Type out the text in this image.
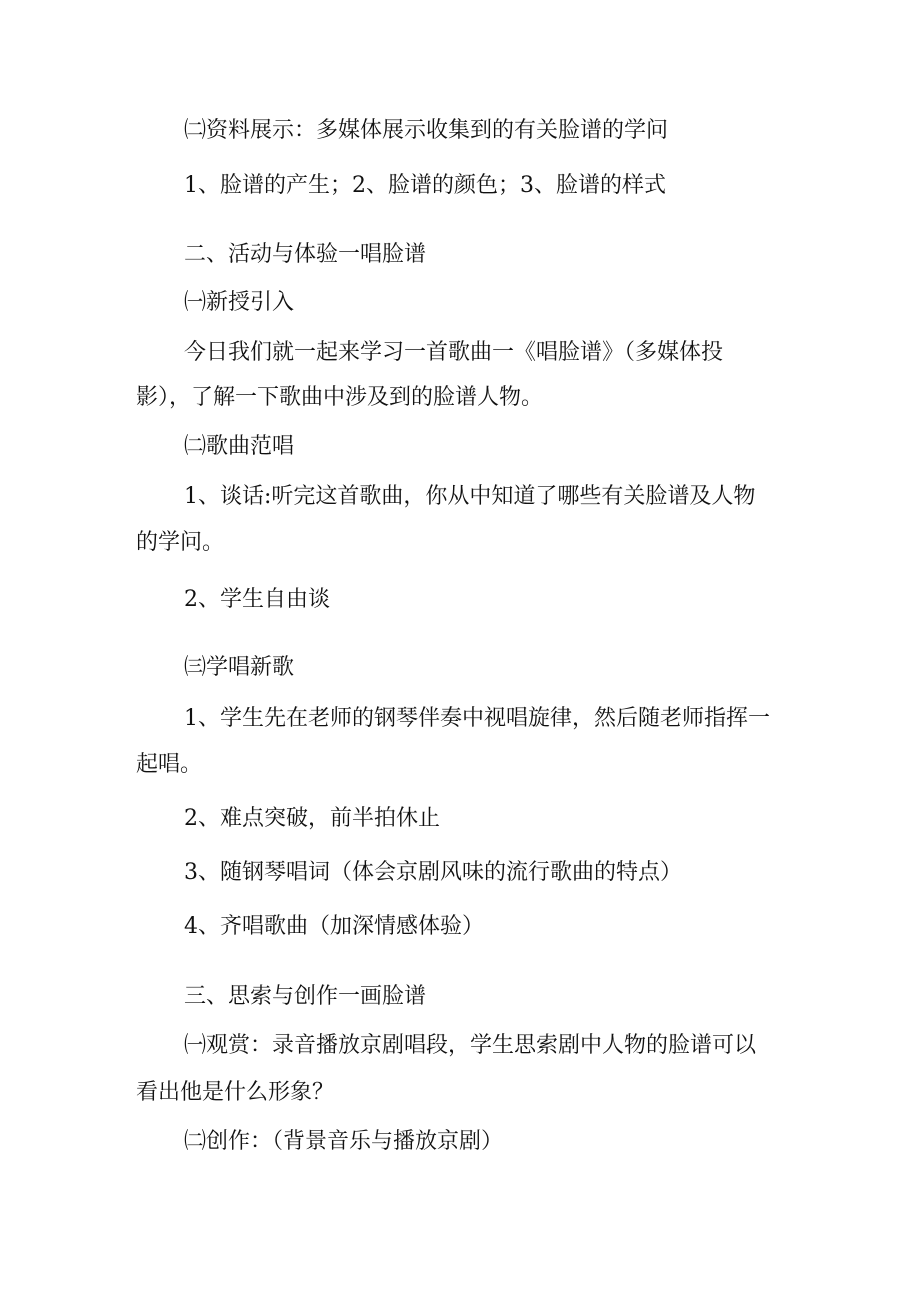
㈡资料展示：多媒体展示收集到的有关脸谱的学问
1、脸谱的产生；2、脸谱的颜色；3、脸谱的样式
二、活动与体验一唱脸谱
㈠新授引入
今日我们就一起来学习一首歌曲一《唱脸谱》（多媒体投
影），了解一下歌曲中涉及到的脸谱人物。
㈡歌曲范唱
1、谈话:听完这首歌曲，你从中知道了哪些有关脸谱及人物
的学问。
2、学生自由谈
㈢学唱新歌
1、学生先在老师的钢琴伴奏中视唱旋律，然后随老师指挥一
起唱。
2、难点突破，前半拍休止
3、随钢琴唱词（体会京剧风味的流行歌曲的特点）
4、齐唱歌曲（加深情感体验）
三、思索与创作一画脸谱
㈠观赏：录音播放京剧唱段，学生思索剧中人物的脸谱可以
看出他是什么形象？
㈡创作：（背景音乐与播放京剧）
